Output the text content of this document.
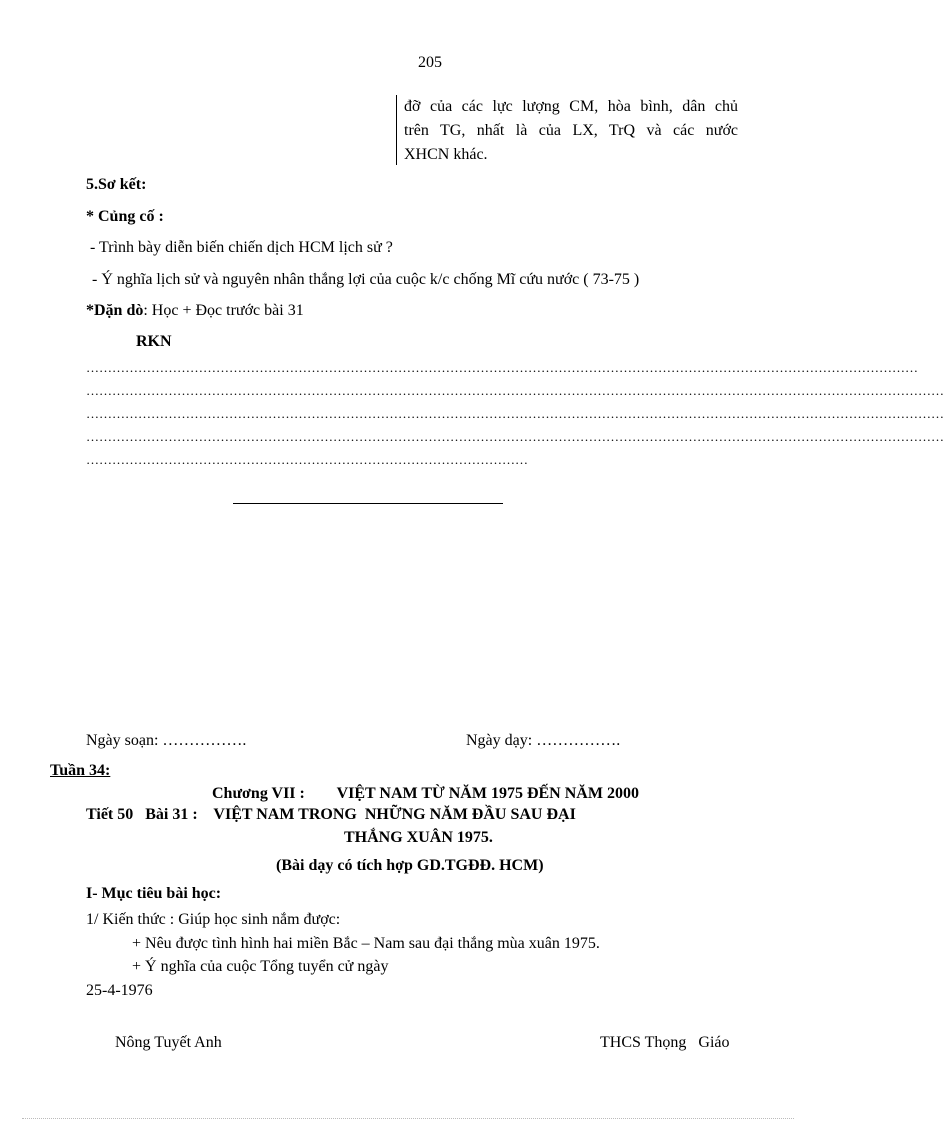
205
đỡ của các lực lượng CM, hòa bình, dân chủ
trên TG, nhất là của LX, TrQ và các nước
XHCN khác.
5.Sơ kết:
* Củng cố :
- Trình bày diễn biến chiến dịch HCM lịch sử ?
- Ý nghĩa lịch sử và nguyên nhân thắng lợi của cuộc k/c chống Mĩ cứu nước ( 73-75 )
*Dặn dò: Học + Đọc trước bài 31
RKN
…………………………………………………………………………………………………………………………………………………………………………
………………………………………………………………………………………………………………………………………………………………………………
………………………………………………………………………………………………………………………………………………………………………………
………………………………………………………………………………………………………………………………………………………………………………
…………………………………………………………………………………………
Ngày soạn: …………….	Ngày dạy: …………….
Tuần 34:
Chương VII :        VIỆT NAM TỪ NĂM 1975 ĐẾN NĂM 2000
Tiết 50   Bài 31 :    VIỆT NAM TRONG  NHỮNG NĂM ĐẦU SAU ĐẠI
THẮNG XUÂN 1975.
(Bài dạy có tích hợp GD.TGĐĐ. HCM)
I- Mục tiêu bài học:
1/ Kiến thức : Giúp học sinh nắm được:
+ Nêu được tình hình hai miền Bắc – Nam sau đại thắng mùa xuân 1975.
+ Ý nghĩa của cuộc Tổng tuyển cử ngày
25-4-1976
Nông Tuyết Anh	THCS Thọng   Giáo
